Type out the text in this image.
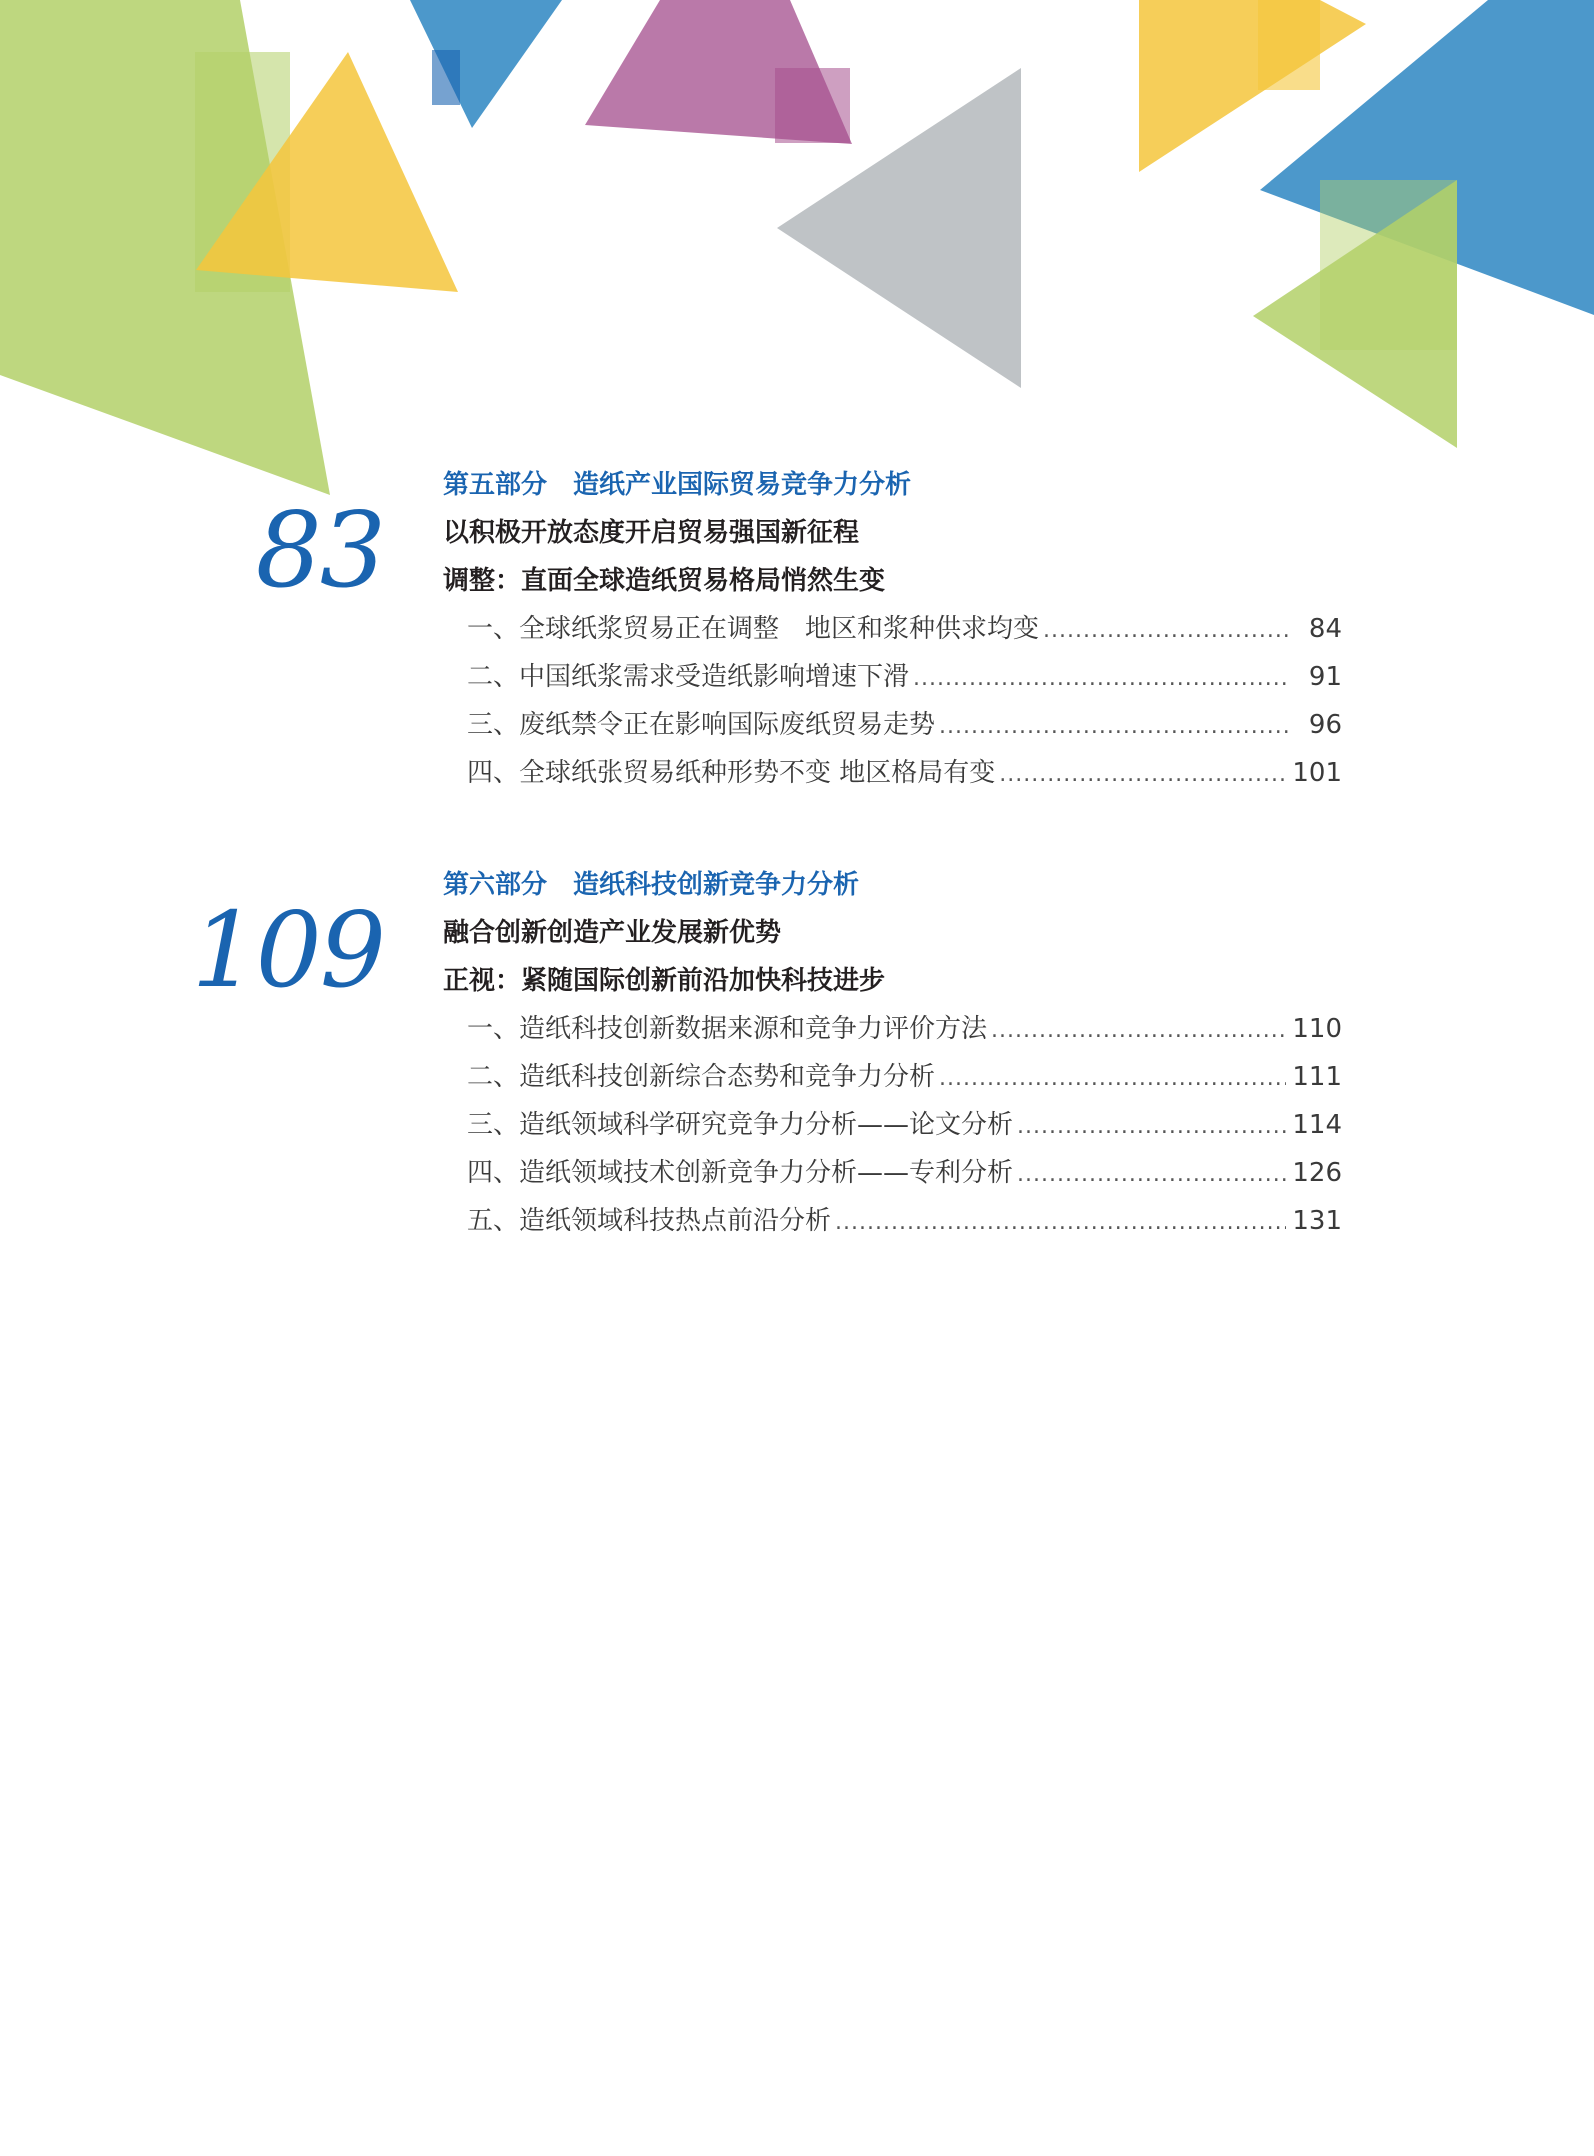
83
第五部分　造纸产业国际贸易竞争力分析
以积极开放态度开启贸易强国新征程
调整：直面全球造纸贸易格局悄然生变
一、全球纸浆贸易正在调整　地区和浆种供求均变 .....	84
二、中国纸浆需求受造纸影响增速下滑 .....	91
三、废纸禁令正在影响国际废纸贸易走势 .....	96
四、全球纸张贸易纸种形势不变 地区格局有变 .....	101
109
第六部分　造纸科技创新竞争力分析
融合创新创造产业发展新优势
正视：紧随国际创新前沿加快科技进步
一、造纸科技创新数据来源和竞争力评价方法 .....	110
二、造纸科技创新综合态势和竞争力分析 .....	111
三、造纸领域科学研究竞争力分析——论文分析 .....	114
四、造纸领域技术创新竞争力分析——专利分析 .....	126
五、造纸领域科技热点前沿分析 .....	131
